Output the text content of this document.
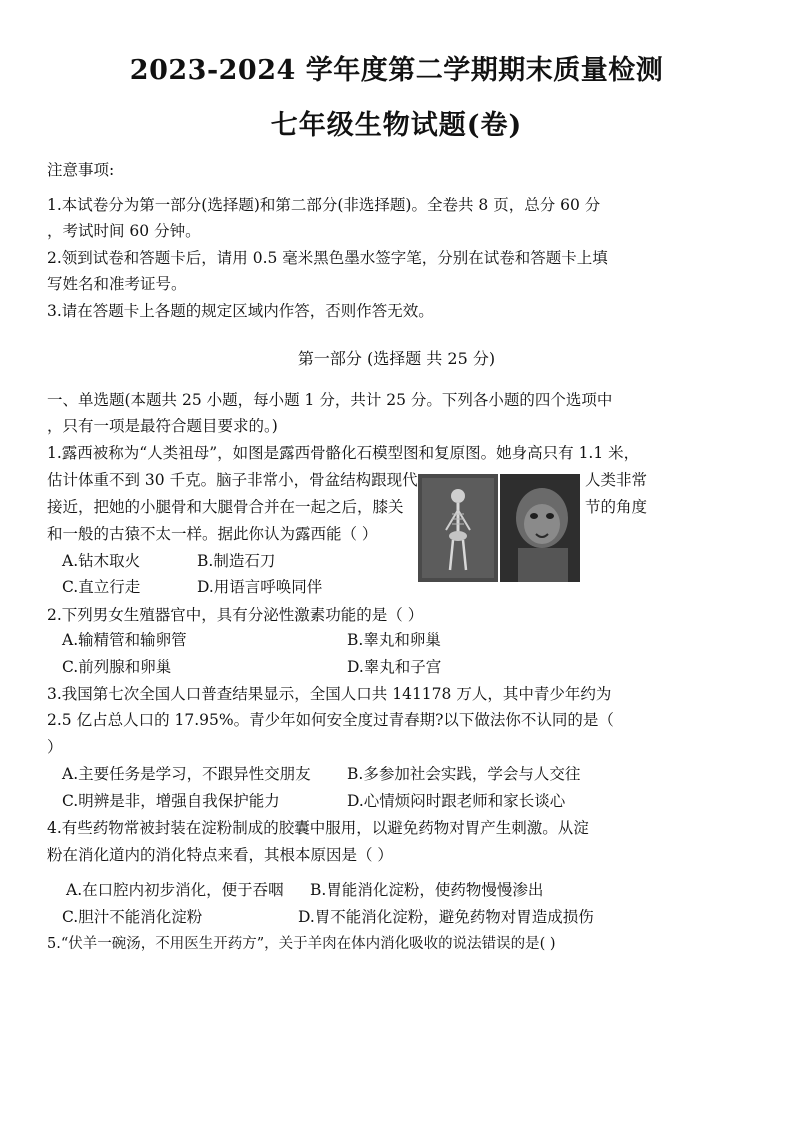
2023-2024 学年度第二学期期末质量检测
七年级生物试题(卷)
注意事项:
1.本试卷分为第一部分(选择题)和第二部分(非选择题)。全卷共 8 页，总分 60 分
，考试时间 60 分钟。
2.领到试卷和答题卡后，请用 0.5 毫米黑色墨水签字笔，分别在试卷和答题卡上填
写姓名和准考证号。
3.请在答题卡上各题的规定区域内作答，否则作答无效。
第一部分 (选择题 共 25 分)
一、单选题(本题共 25 小题，每小题 1 分，共计 25 分。下列各小题的四个选项中
，只有一项是最符合题目要求的。)
1.露西被称为“人类祖母”，如图是露西骨骼化石模型图和复原图。她身高只有 1.1 米，
估计体重不到 30 千克。脑子非常小，骨盆结构跟现代	人类非常
接近，把她的小腿骨和大腿骨合并在一起之后，膝关	节的角度
和一般的古猿不太一样。据此你认为露西能（ ）
A.钻木取火	B.制造石刀
C.直立行走	D.用语言呼唤同伴
2.下列男女生殖器官中，具有分泌性激素功能的是（ ）
A.输精管和输卵管	B.睾丸和卵巢
C.前列腺和卵巢	D.睾丸和子宫
3.我国第七次全国人口普查结果显示，全国人口共 141178 万人，其中青少年约为
2.5 亿占总人口的 17.95%。青少年如何安全度过青春期?以下做法你不认同的是（
）
A.主要任务是学习，不跟异性交朋友 B.多参加社会实践，学会与人交往
C.明辨是非，增强自我保护能力	D.心情烦闷时跟老师和家长谈心
4.有些药物常被封装在淀粉制成的胶囊中服用，以避免药物对胃产生刺激。从淀
粉在消化道内的消化特点来看，其根本原因是（ ）
A.在口腔内初步消化，便于吞咽 B.胃能消化淀粉，使药物慢慢渗出
C.胆汁不能消化淀粉	D.胃不能消化淀粉，避免药物对胃造成损伤
5.“伏羊一碗汤，不用医生开药方”，关于羊肉在体内消化吸收的说法错误的是( )
